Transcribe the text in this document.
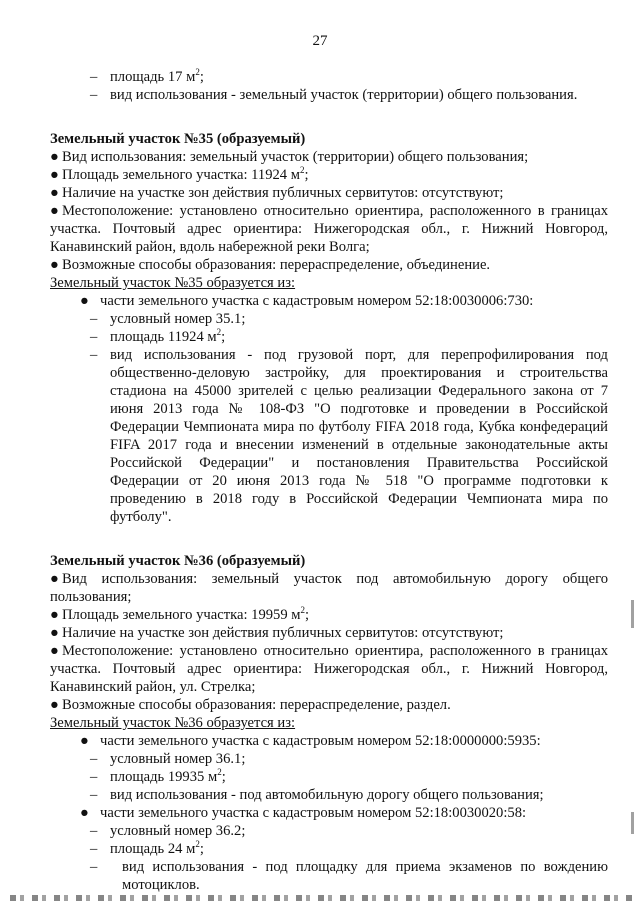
27
– площадь 17 $м^2$;
– вид использования - земельный участок (территории) общего пользования.
Земельный участок №35 (образуемый)
● Вид использования: земельный участок (территории) общего пользования;
● Площадь земельного участка: 11924 $м^2$;
● Наличие на участке зон действия публичных сервитутов: отсутствуют;
● Местоположение: установлено относительно ориентира, расположенного в границах участка. Почтовый адрес ориентира: Нижегородская обл., г. Нижний Новгород, Канавинский район, вдоль набережной реки Волга;
● Возможные способы образования: перераспределение, объединение.
Земельный участок №35 образуется из:
● части земельного участка с кадастровым номером 52:18:0030006:730:
– условный номер 35.1;
– площадь 11924 $м^2$;
– вид использования - под грузовой порт, для перепрофилирования под общественно-деловую застройку, для проектирования и строительства стадиона на 45000 зрителей с целью реализации Федерального закона от 7 июня 2013 года № 108-ФЗ "О подготовке и проведении в Российской Федерации Чемпионата мира по футболу FIFA 2018 года, Кубка конфедераций FIFA 2017 года и внесении изменений в отдельные законодательные акты Российской Федерации" и постановления Правительства Российской Федерации от 20 июня 2013 года № 518 "О программе подготовки к проведению в 2018 году в Российской Федерации Чемпионата мира по футболу".
Земельный участок №36 (образуемый)
● Вид использования: земельный участок под автомобильную дорогу общего пользования;
● Площадь земельного участка: 19959 $м^2$;
● Наличие на участке зон действия публичных сервитутов: отсутствуют;
● Местоположение: установлено относительно ориентира, расположенного в границах участка. Почтовый адрес ориентира: Нижегородская обл., г. Нижний Новгород, Канавинский район, ул. Стрелка;
● Возможные способы образования: перераспределение, раздел.
Земельный участок №36 образуется из:
● части земельного участка с кадастровым номером 52:18:0000000:5935:
– условный номер 36.1;
– площадь 19935 $м^2$;
– вид использования - под автомобильную дорогу общего пользования;
● части земельного участка с кадастровым номером 52:18:0030020:58:
– условный номер 36.2;
– площадь 24 $м^2$;
–	вид использования - под площадку для приема экзаменов по вождению мотоциклов.
